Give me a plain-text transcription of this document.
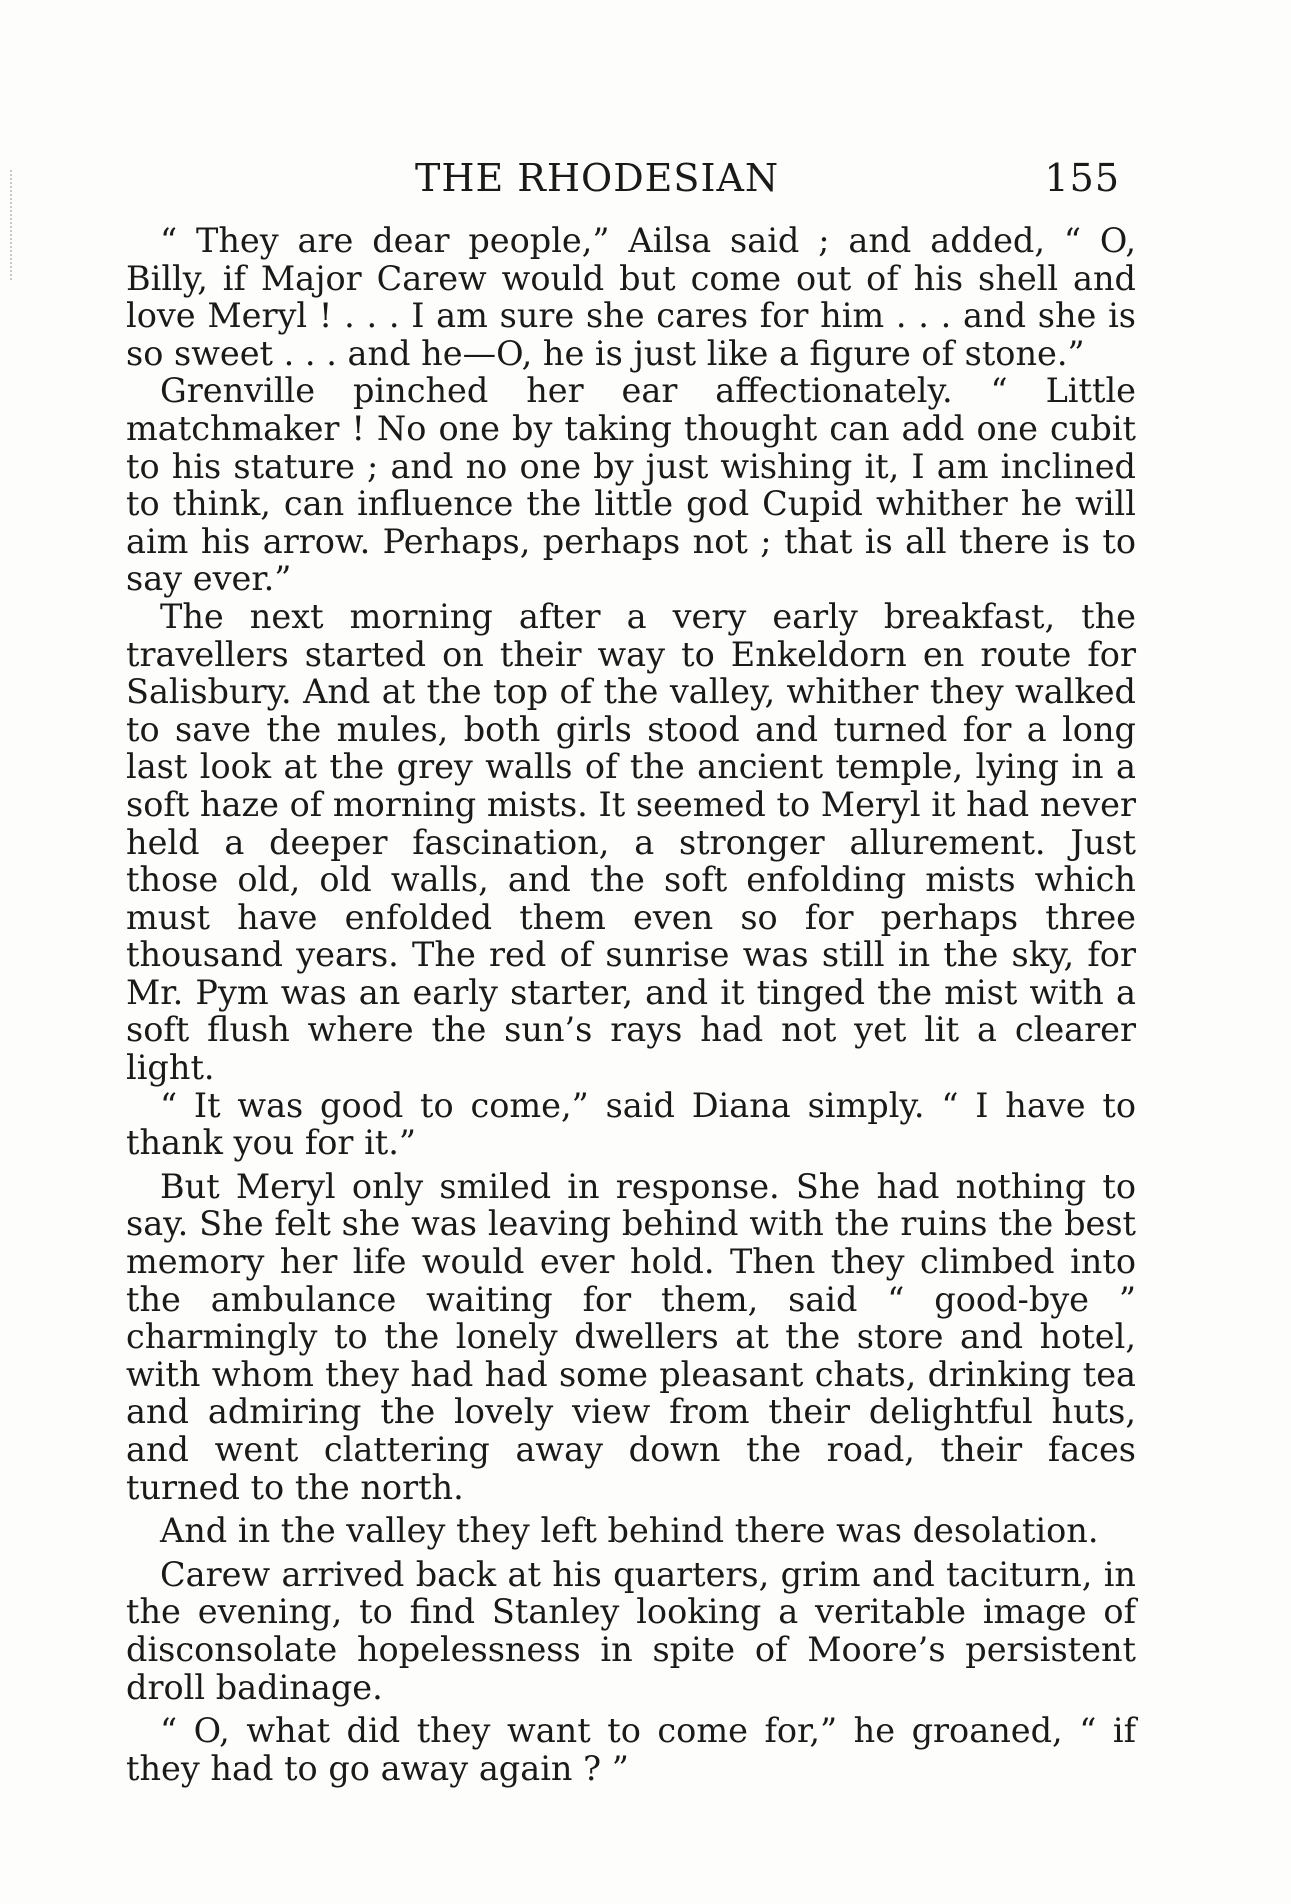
THE RHODESIAN	155

“ They are dear people,” Ailsa said ; and added, “ O, Billy, if Major Carew would but come out of his shell and love Meryl ! . . . I am sure she cares for him . . . and she is so sweet . . . and he—O, he is just like a figure of stone.”

Grenville pinched her ear affectionately. “ Little matchmaker ! No one by taking thought can add one cubit to his stature ; and no one by just wishing it, I am inclined to think, can influence the little god Cupid whither he will aim his arrow. Perhaps, perhaps not ; that is all there is to say ever.”

The next morning after a very early breakfast, the travellers started on their way to Enkeldorn en route for Salisbury. And at the top of the valley, whither they walked to save the mules, both girls stood and turned for a long last look at the grey walls of the ancient temple, lying in a soft haze of morning mists. It seemed to Meryl it had never held a deeper fascination, a stronger allurement. Just those old, old walls, and the soft enfolding mists which must have enfolded them even so for perhaps three thousand years. The red of sunrise was still in the sky, for Mr. Pym was an early starter, and it tinged the mist with a soft flush where the sun’s rays had not yet lit a clearer light.

“ It was good to come,” said Diana simply. “ I have to thank you for it.”

But Meryl only smiled in response. She had nothing to say. She felt she was leaving behind with the ruins the best memory her life would ever hold. Then they climbed into the ambulance waiting for them, said “ good-bye ” charmingly to the lonely dwellers at the store and hotel, with whom they had had some pleasant chats, drinking tea and admiring the lovely view from their delightful huts, and went clattering away down the road, their faces turned to the north.

And in the valley they left behind there was desolation.

Carew arrived back at his quarters, grim and taciturn, in the evening, to find Stanley looking a veritable image of disconsolate hopelessness in spite of Moore’s persistent droll badinage.

“ O, what did they want to come for,” he groaned, “ if they had to go away again ? ”
